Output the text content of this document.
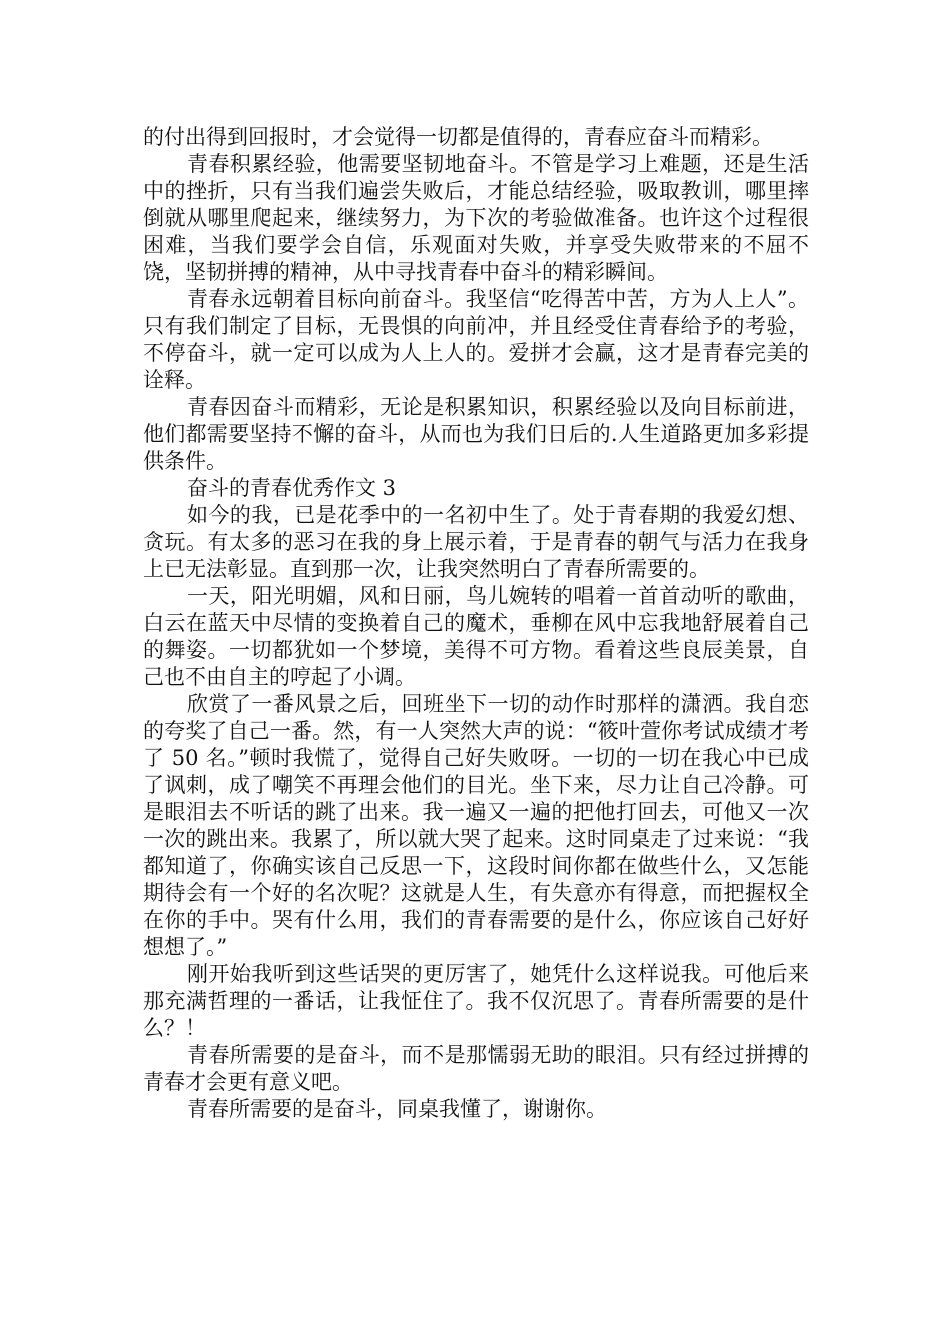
的付出得到回报时，才会觉得一切都是值得的，青春应奋斗而精彩。

青春积累经验，他需要坚韧地奋斗。不管是学习上难题，还是生活中的挫折，只有当我们遍尝失败后，才能总结经验，吸取教训，哪里摔倒就从哪里爬起来，继续努力，为下次的考验做准备。也许这个过程很困难，当我们要学会自信，乐观面对失败，并享受失败带来的不屈不饶，坚韧拼搏的精神，从中寻找青春中奋斗的精彩瞬间。

青春永远朝着目标向前奋斗。我坚信“吃得苦中苦，方为人上人”。只有我们制定了目标，无畏惧的向前冲，并且经受住青春给予的考验，不停奋斗，就一定可以成为人上人的。爱拼才会赢，这才是青春完美的诠释。

青春因奋斗而精彩，无论是积累知识，积累经验以及向目标前进，他们都需要坚持不懈的奋斗，从而也为我们日后的.人生道路更加多彩提供条件。

奋斗的青春优秀作文 3

如今的我，已是花季中的一名初中生了。处于青春期的我爱幻想、贪玩。有太多的恶习在我的身上展示着，于是青春的朝气与活力在我身上已无法彰显。直到那一次，让我突然明白了青春所需要的。

一天，阳光明媚，风和日丽，鸟儿婉转的唱着一首首动听的歌曲，白云在蓝天中尽情的变换着自己的魔术，垂柳在风中忘我地舒展着自己的舞姿。一切都犹如一个梦境，美得不可方物。看着这些良辰美景，自己也不由自主的哼起了小调。

欣赏了一番风景之后，回班坐下一切的动作时那样的潇洒。我自恋的夸奖了自己一番。然，有一人突然大声的说：“筱叶萱你考试成绩才考了 50 名。”顿时我慌了，觉得自己好失败呀。一切的一切在我心中已成了讽刺，成了嘲笑不再理会他们的目光。坐下来，尽力让自己冷静。可是眼泪去不听话的跳了出来。我一遍又一遍的把他打回去，可他又一次一次的跳出来。我累了，所以就大哭了起来。这时同桌走了过来说：“我都知道了，你确实该自己反思一下，这段时间你都在做些什么，又怎能期待会有一个好的名次呢？这就是人生，有失意亦有得意，而把握权全在你的手中。哭有什么用，我们的青春需要的是什么，你应该自己好好想想了。”

刚开始我听到这些话哭的更厉害了，她凭什么这样说我。可他后来那充满哲理的一番话，让我怔住了。我不仅沉思了。青春所需要的是什么？！

青春所需要的是奋斗，而不是那懦弱无助的眼泪。只有经过拼搏的青春才会更有意义吧。

青春所需要的是奋斗，同桌我懂了，谢谢你。
